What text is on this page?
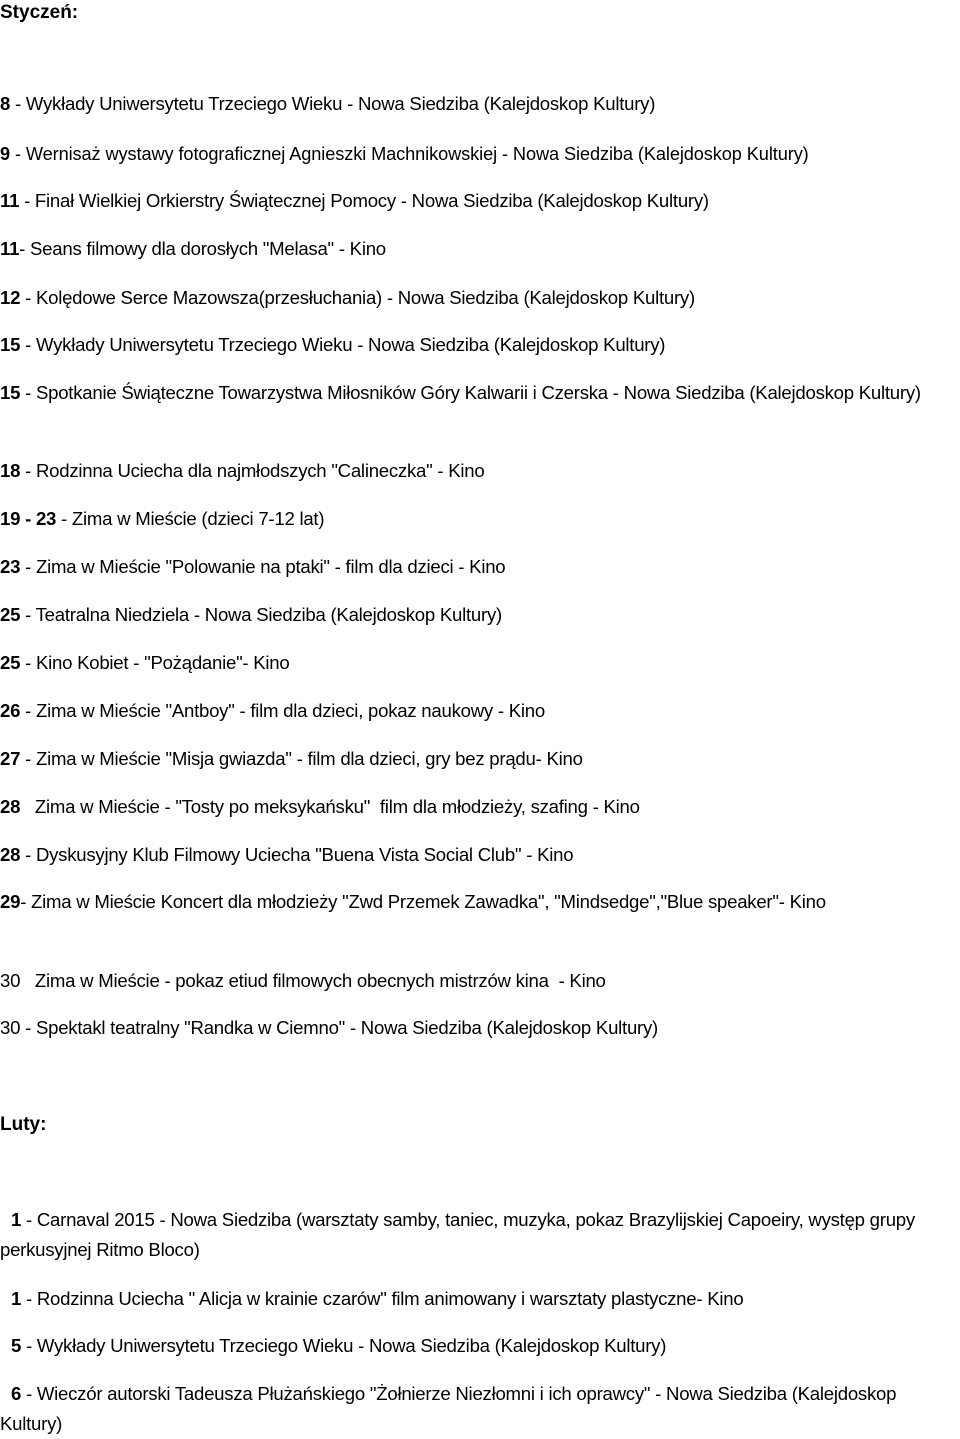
Styczeń:
8 - Wykłady Uniwersytetu Trzeciego Wieku - Nowa Siedziba (Kalejdoskop Kultury)
9 - Wernisaż wystawy fotograficznej Agnieszki Machnikowskiej - Nowa Siedziba (Kalejdoskop Kultury)
11 - Finał Wielkiej Orkierstry Świątecznej Pomocy - Nowa Siedziba (Kalejdoskop Kultury)
11- Seans filmowy dla dorosłych "Melasa" - Kino
12 - Kolędowe Serce Mazowsza(przesłuchania) - Nowa Siedziba (Kalejdoskop Kultury)
15 - Wykłady Uniwersytetu Trzeciego Wieku - Nowa Siedziba (Kalejdoskop Kultury)
15 - Spotkanie Świąteczne Towarzystwa Miłosników Góry Kalwarii i Czerska - Nowa Siedziba (Kalejdoskop Kultury)
18 - Rodzinna Uciecha dla najmłodszych "Calineczka" - Kino
19 - 23 - Zima w Mieście (dzieci 7-12 lat)
23 - Zima w Mieście "Polowanie na ptaki" - film dla dzieci - Kino
25 - Teatralna Niedziela - Nowa Siedziba (Kalejdoskop Kultury)
25 - Kino Kobiet - "Pożądanie"- Kino
26 - Zima w Mieście "Antboy" - film dla dzieci, pokaz naukowy - Kino
27 - Zima w Mieście "Misja gwiazda" - film dla dzieci, gry bez prądu- Kino
28   Zima w Mieście - "Tosty po meksykańsku"  film dla młodzieży, szafing - Kino
28 - Dyskusyjny Klub Filmowy Uciecha "Buena Vista Social Club" - Kino
29- Zima w Mieście Koncert dla młodzieży "Zwd Przemek Zawadka", "Mindsedge","Blue speaker"- Kino
30   Zima w Mieście - pokaz etiud filmowych obecnych mistrzów kina  - Kino
30 - Spektakl teatralny "Randka w Ciemno" - Nowa Siedziba (Kalejdoskop Kultury)
Luty:
1 - Carnaval 2015 - Nowa Siedziba (warsztaty samby, taniec, muzyka, pokaz Brazylijskiej Capoeiry, występ grupy perkusyjnej Ritmo Bloco)
1 - Rodzinna Uciecha " Alicja w krainie czarów" film animowany i warsztaty plastyczne- Kino
5 - Wykłady Uniwersytetu Trzeciego Wieku - Nowa Siedziba (Kalejdoskop Kultury)
6 - Wieczór autorski Tadeusza Płużańskiego "Żołnierze Niezłomni i ich oprawcy" - Nowa Siedziba (Kalejdoskop Kultury)
